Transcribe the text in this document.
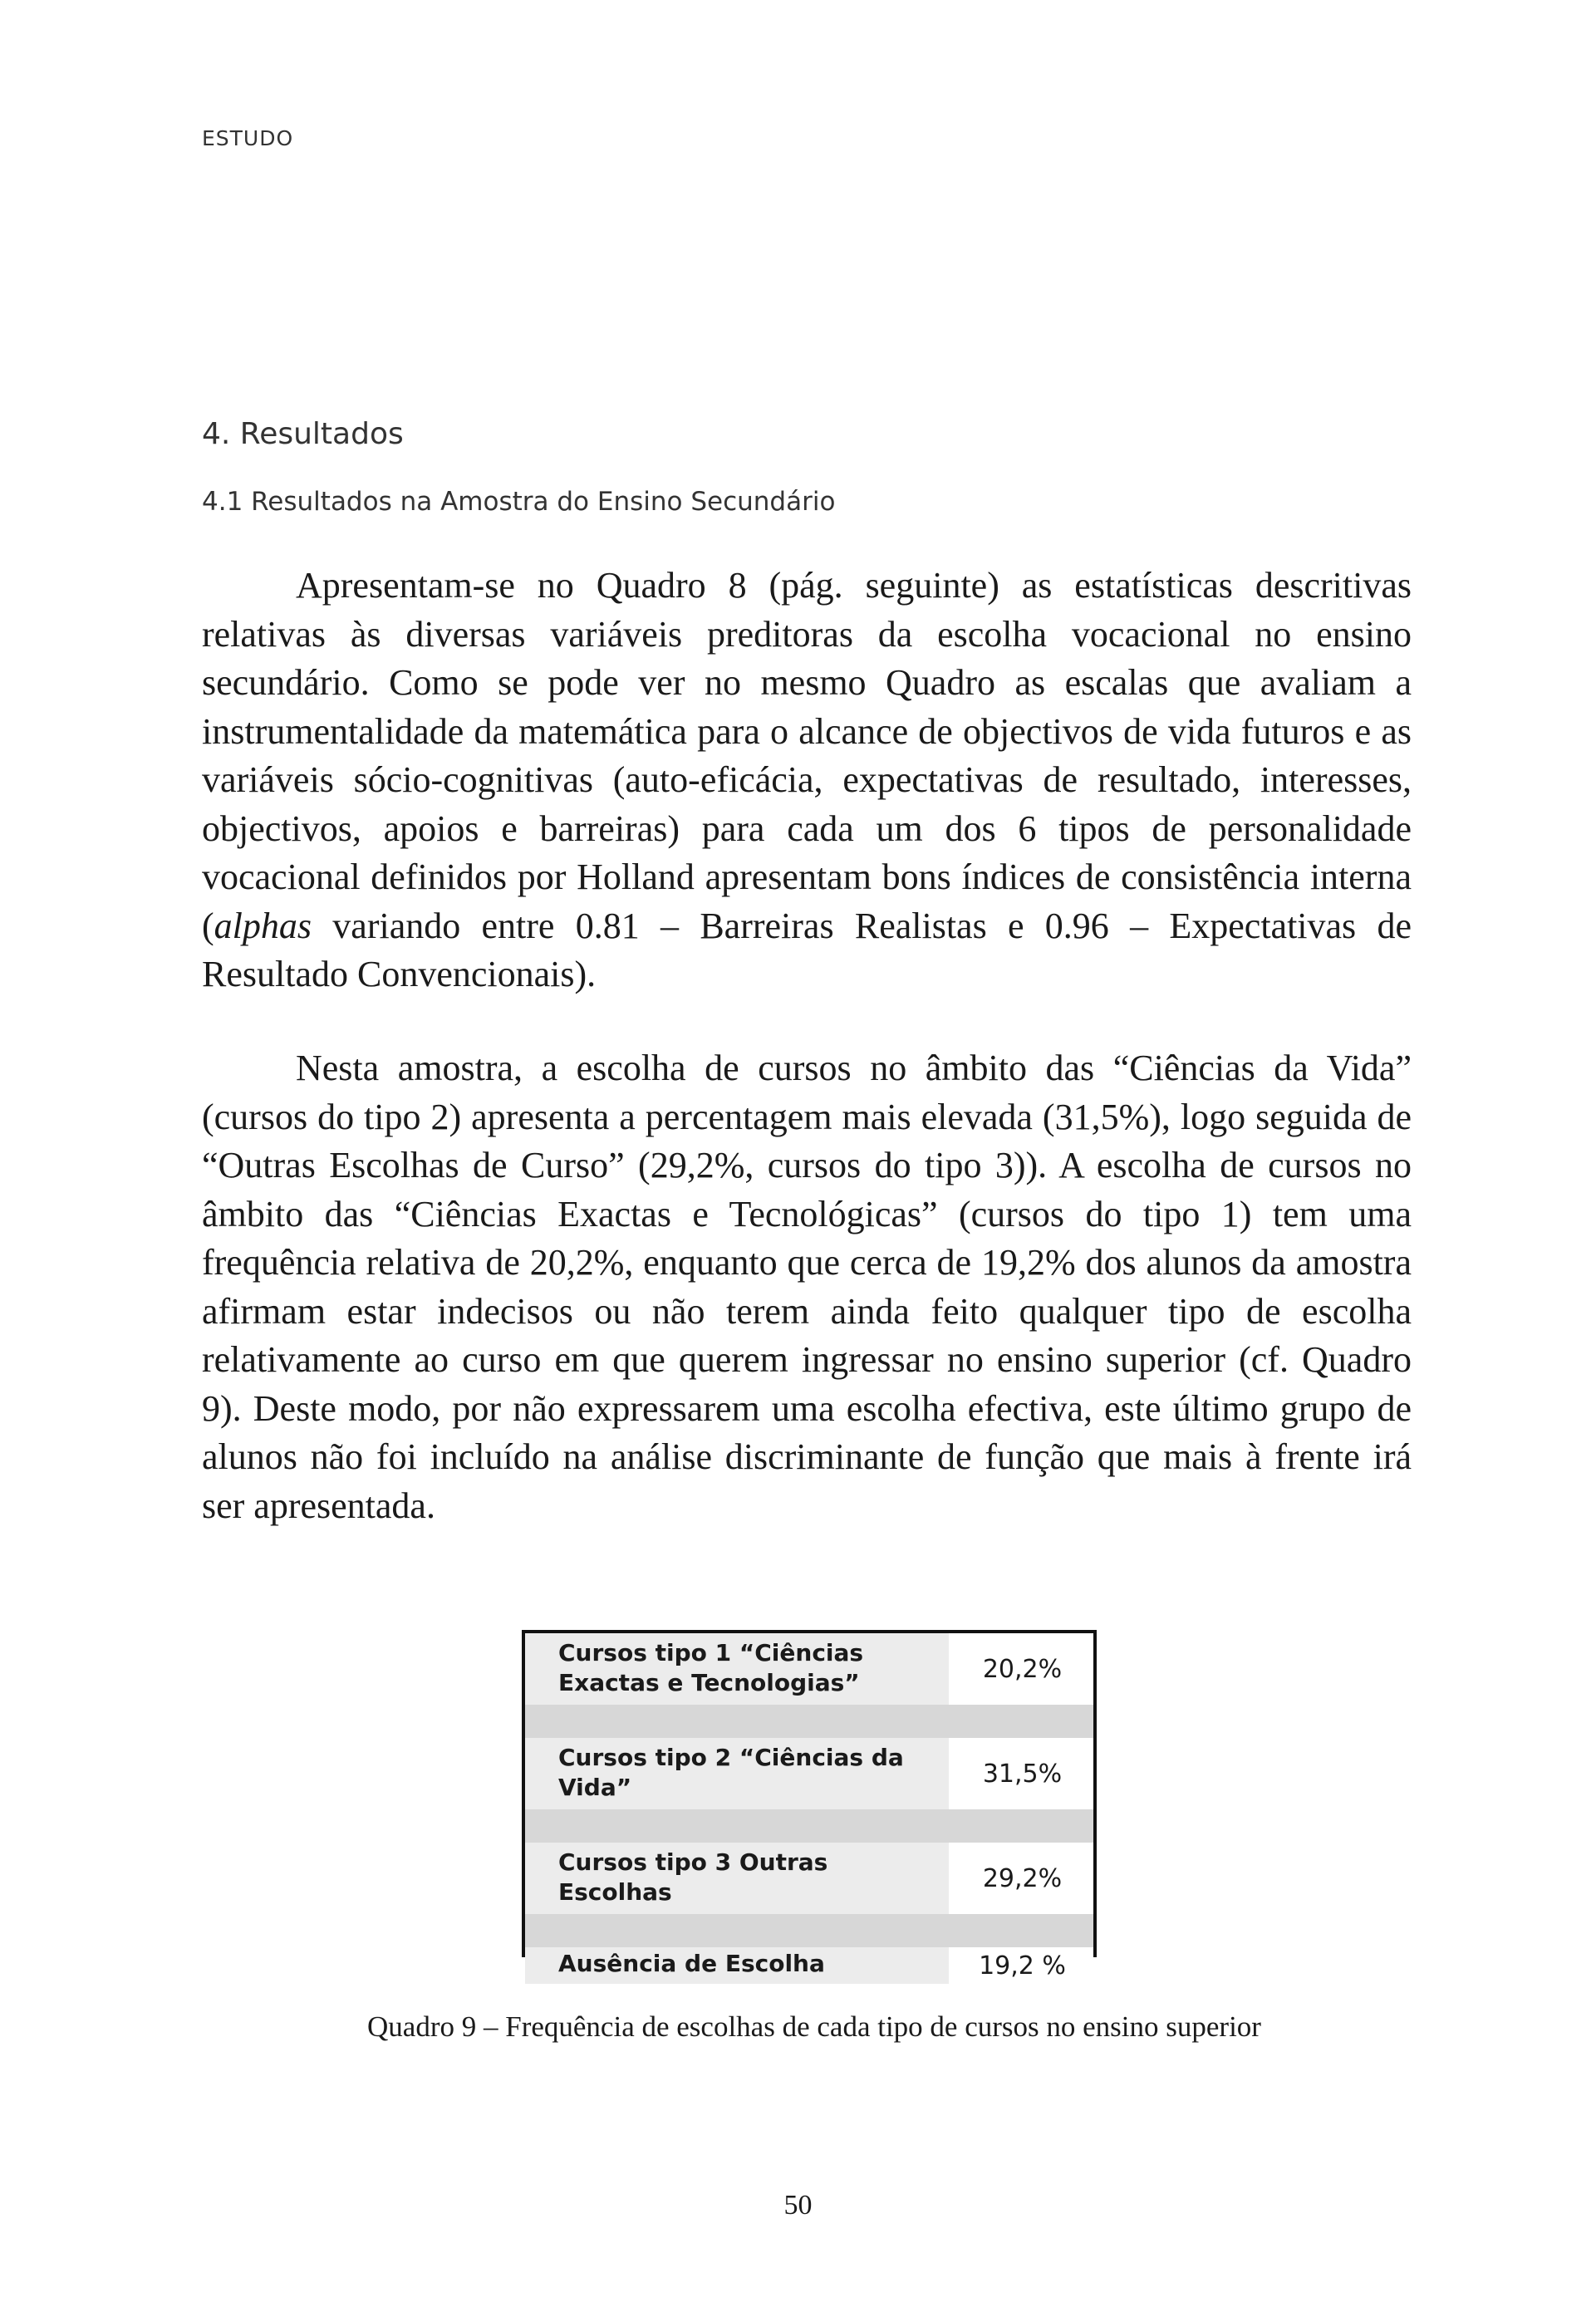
ESTUDO
4. Resultados
4.1 Resultados na Amostra do Ensino Secundário

Apresentam-se no Quadro 8 (pág. seguinte) as estatísticas descritivas relativas às diversas variáveis preditoras da escolha vocacional no ensino secundário. Como se pode ver no mesmo Quadro as escalas que avaliam a instrumentalidade da matemática para o alcance de objectivos de vida futuros e as variáveis sócio-cognitivas (auto-eficácia, expectativas de resultado, interesses, objectivos, apoios e barreiras) para cada um dos 6 tipos de personalidade vocacional definidos por Holland apresentam bons índices de consistência interna (alphas variando entre 0.81 – Barreiras Realistas e 0.96 – Expectativas de Resultado Convencionais).

Nesta amostra, a escolha de cursos no âmbito das “Ciências da Vida” (cursos do tipo 2) apresenta a percentagem mais elevada (31,5%), logo seguida de “Outras Escolhas de Curso” (29,2%, cursos do tipo 3)). A escolha de cursos no âmbito das “Ciências Exactas e Tecnológicas” (cursos do tipo 1) tem uma frequência relativa de 20,2%, enquanto que cerca de 19,2% dos alunos da amostra afirmam estar indecisos ou não terem ainda feito qualquer tipo de escolha relativamente ao curso em que querem ingressar no ensino superior (cf. Quadro 9). Deste modo, por não expressarem uma escolha efectiva, este último grupo de alunos não foi incluído na análise discriminante de função que mais à frente irá ser apresentada.

Cursos tipo 1 “Ciências Exactas e Tecnologias”	20,2%
Cursos tipo 2 “Ciências da Vida”	31,5%
Cursos tipo 3 Outras Escolhas	29,2%
Ausência de Escolha	19,2 %
Quadro 9 – Frequência de escolhas de cada tipo de cursos no ensino superior
50
